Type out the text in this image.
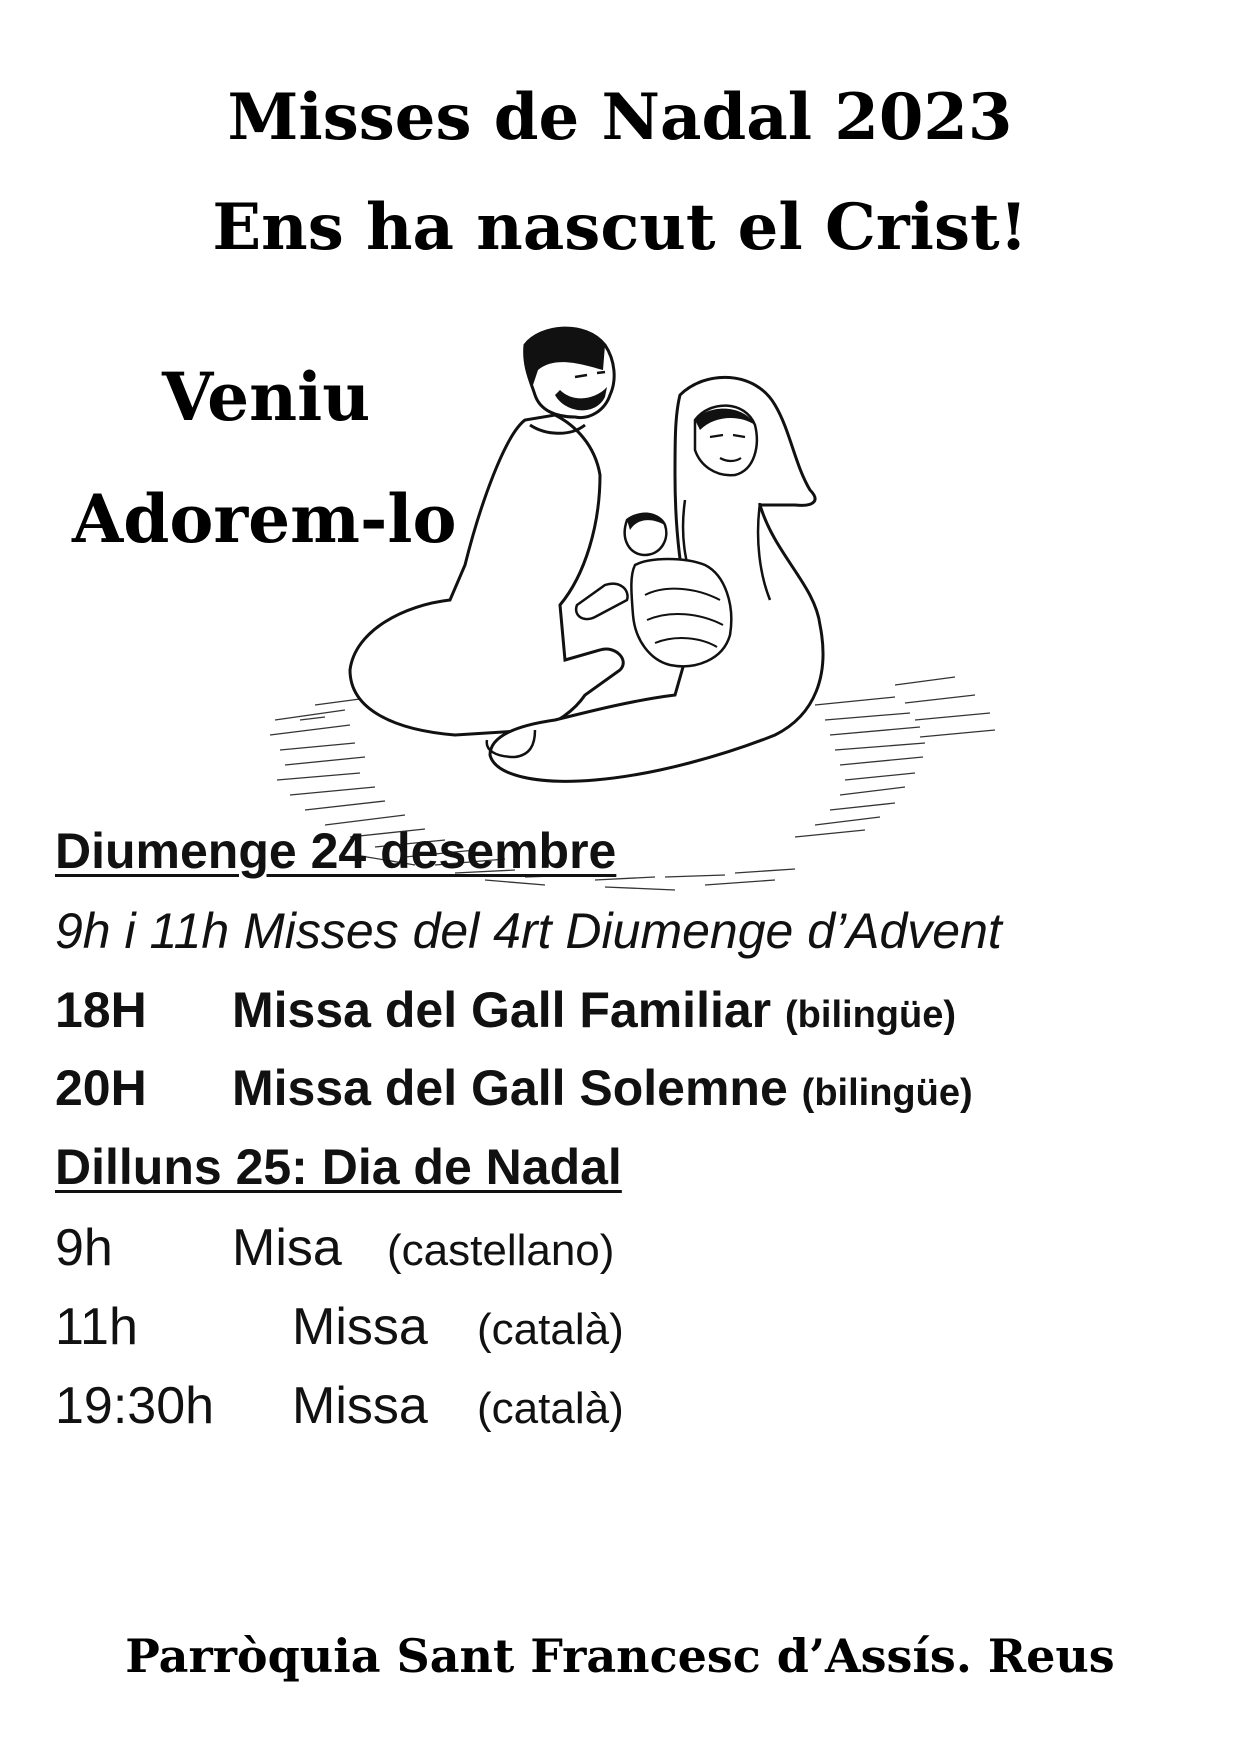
Misses de Nadal 2023
Ens ha nascut el Crist!
Veniu
Adorem-lo
Diumenge 24 desembre
9h i 11h Misses del 4rt Diumenge d’Advent
18H Missa del Gall Familiar (bilingüe)
20H Missa del Gall Solemne (bilingüe)
Dilluns 25: Dia de Nadal
9h Misa (castellano)
11h	Missa (català)
19:30h Missa (català)
Parròquia Sant Francesc d’Assís. Reus
